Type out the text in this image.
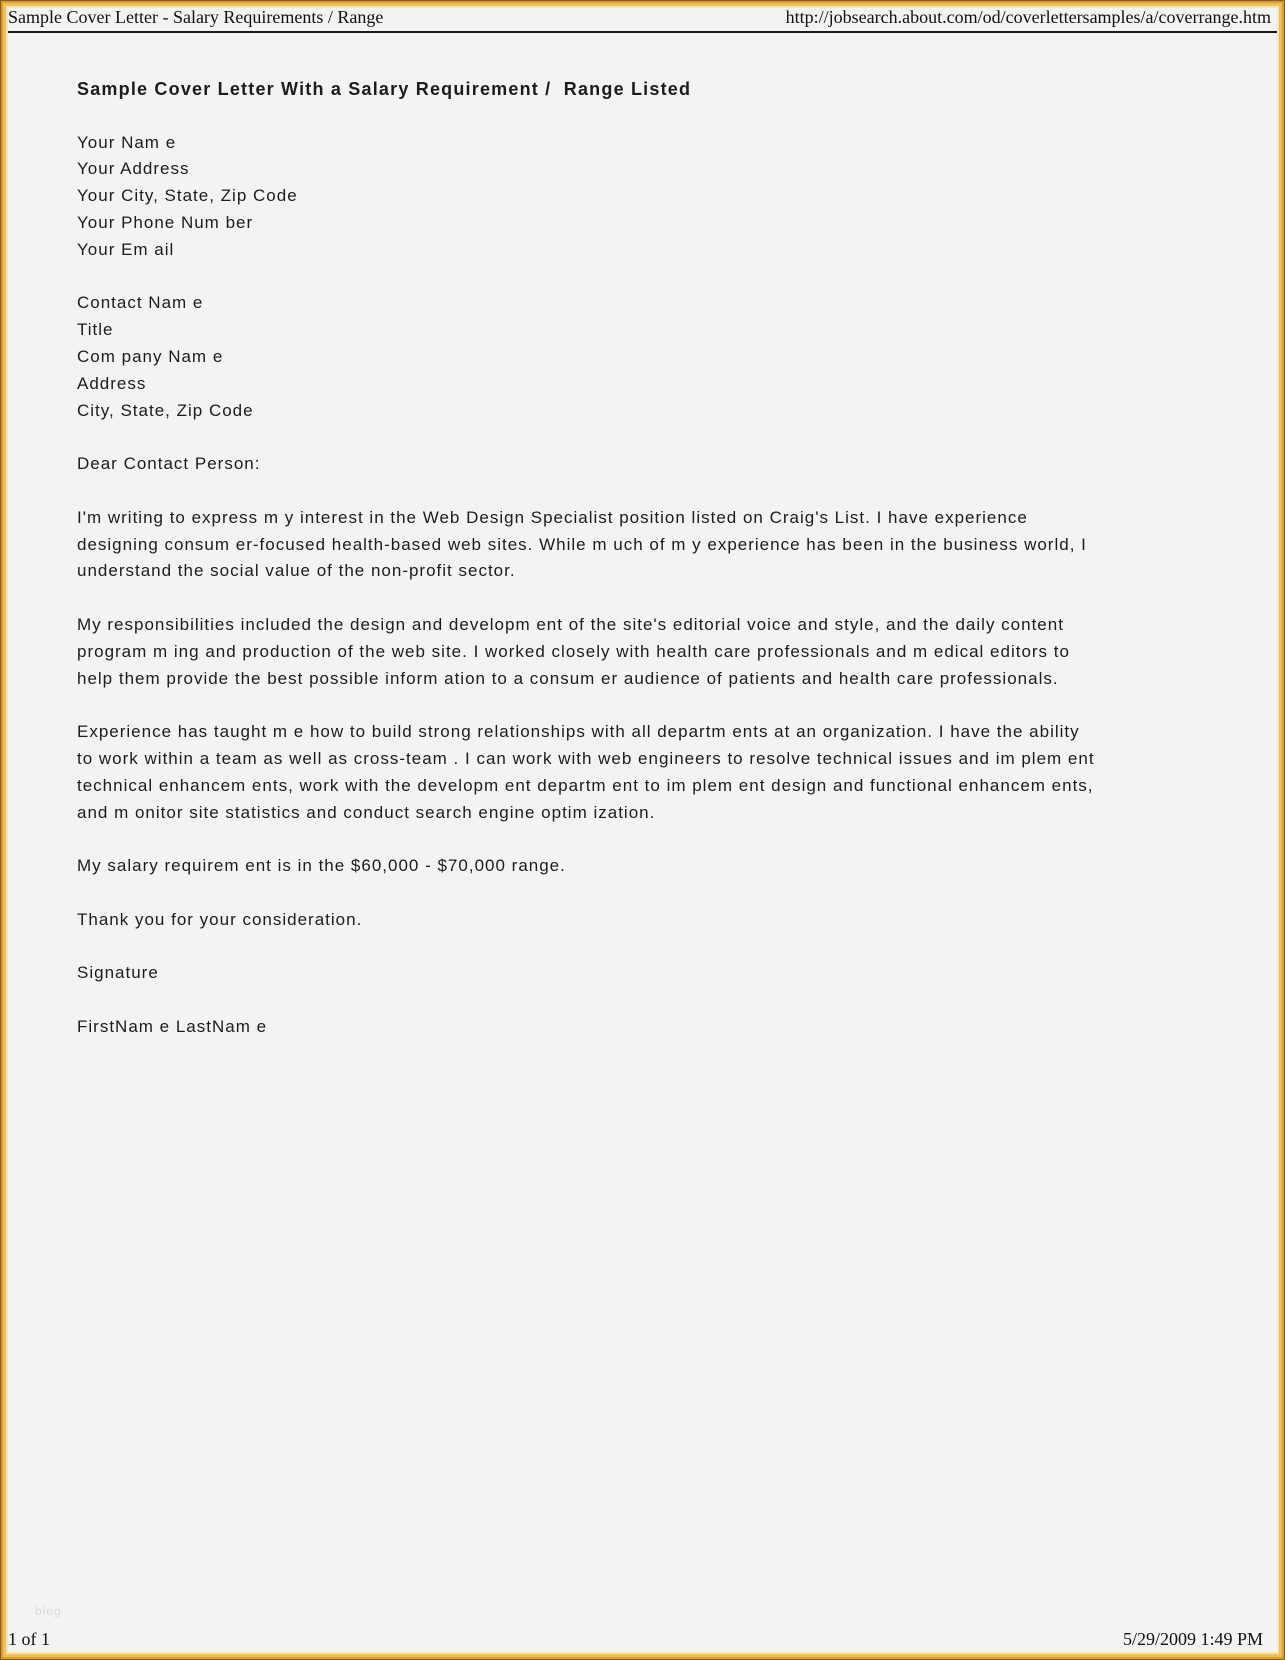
Sample Cover Letter - Salary Requirements / Range	http://jobsearch.about.com/od/coverlettersamples/a/coverrange.htm
Sample Cover Letter With a Salary Requirement /  Range Listed
Your Nam e
Your Address
Your City, State, Zip Code
Your Phone Num ber
Your Em ail
Contact Nam e
Title
Com pany Nam e
Address
City, State, Zip Code
Dear Contact Person:
I'm writing to express m y interest in the Web Design Specialist position listed on Craig's List. I have experience
designing consum er-focused health-based web sites. While m uch of m y experience has been in the business world, I
understand the social value of the non-profit sector.
My responsibilities included the design and developm ent of the site's editorial voice and style, and the daily content
program m ing and production of the web site. I worked closely with health care professionals and m edical editors to
help them provide the best possible inform ation to a consum er audience of patients and health care professionals.
Experience has taught m e how to build strong relationships with all departm ents at an organization. I have the ability
to work within a team as well as cross-team . I can work with web engineers to resolve technical issues and im plem ent
technical enhancem ents, work with the developm ent departm ent to im plem ent design and functional enhancem ents,
and m onitor site statistics and conduct search engine optim ization.
My salary requirem ent is in the $60,000 - $70,000 range.
Thank you for your consideration.
Signature
FirstNam e LastNam e
blog
1 of 1	5/29/2009 1:49 PM
